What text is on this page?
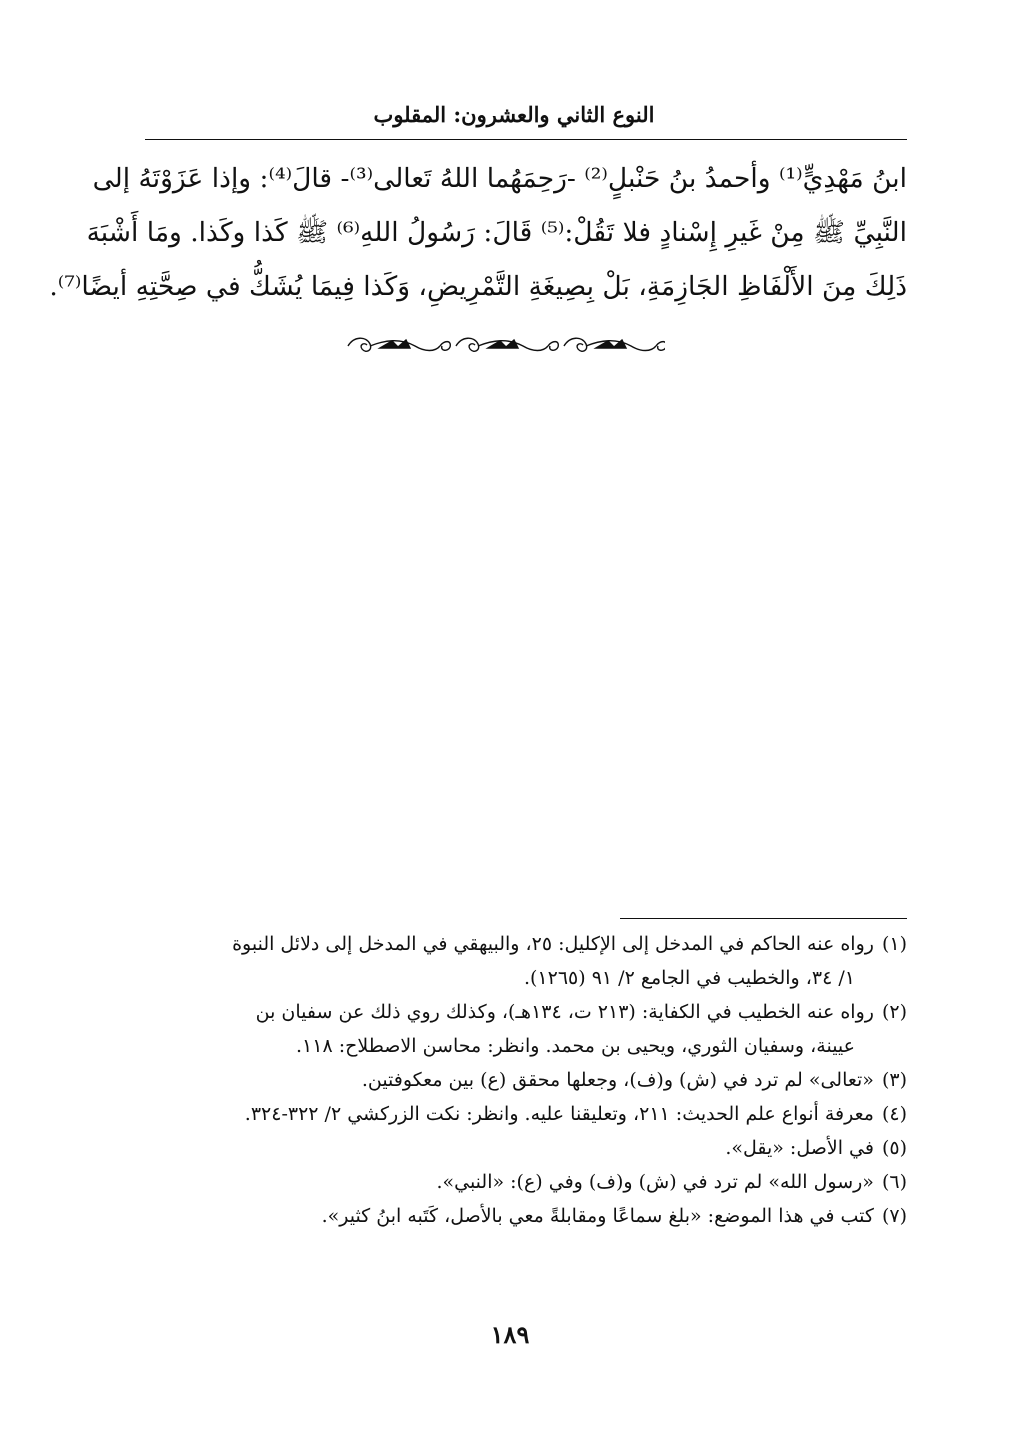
النوع الثاني والعشرون: المقلوب
ابنُ مَهْدِيٍّ⁽¹⁾ وأحمدُ بنُ حَنْبلٍ⁽²⁾ -رَحِمَهُما اللهُ تَعالى⁽³⁾- قالَ⁽⁴⁾: وإذا عَزَوْتَهُ إلى
النَّبِيِّ ﷺ مِنْ غَيرِ إِسْنادٍ فلا تَقُلْ:⁽⁵⁾ قَالَ: رَسُولُ اللهِ⁽⁶⁾ ﷺ كَذا وكَذا. ومَا أَشْبَهَ
ذَلِكَ مِنَ الأَلْفَاظِ الجَازِمَةِ، بَلْ بِصِيغَةِ التَّمْرِيضِ، وَكَذا فِيمَا يُشَكُّ في صِحَّتِهِ أيضًا⁽⁷⁾.
(١)رواه عنه الحاكم في المدخل إلى الإكليل: ٢٥، والبيهقي في المدخل إلى دلائل النبوة
١/ ٣٤، والخطيب في الجامع ٢/ ٩١ (١٢٦٥).
(٢)رواه عنه الخطيب في الكفاية: (٢١٣ ت، ١٣٤هـ)، وكذلك روي ذلك عن سفيان بن
عيينة، وسفيان الثوري، ويحيى بن محمد. وانظر: محاسن الاصطلاح: ١١٨.
(٣)«تعالى» لم ترد في (ش) و(ف)، وجعلها محقق (ع) بين معكوفتين.
(٤)معرفة أنواع علم الحديث: ٢١١، وتعليقنا عليه. وانظر: نكت الزركشي ٢/ ٣٢٢-٣٢٤.
(٥)في الأصل: «يقل».
(٦)«رسول الله» لم ترد في (ش) و(ف) وفي (ع): «النبي».
(٧)كتب في هذا الموضع: «بلغ سماعًا ومقابلةً معي بالأصل، كَتَبه ابنُ كثير».
١٨٩
